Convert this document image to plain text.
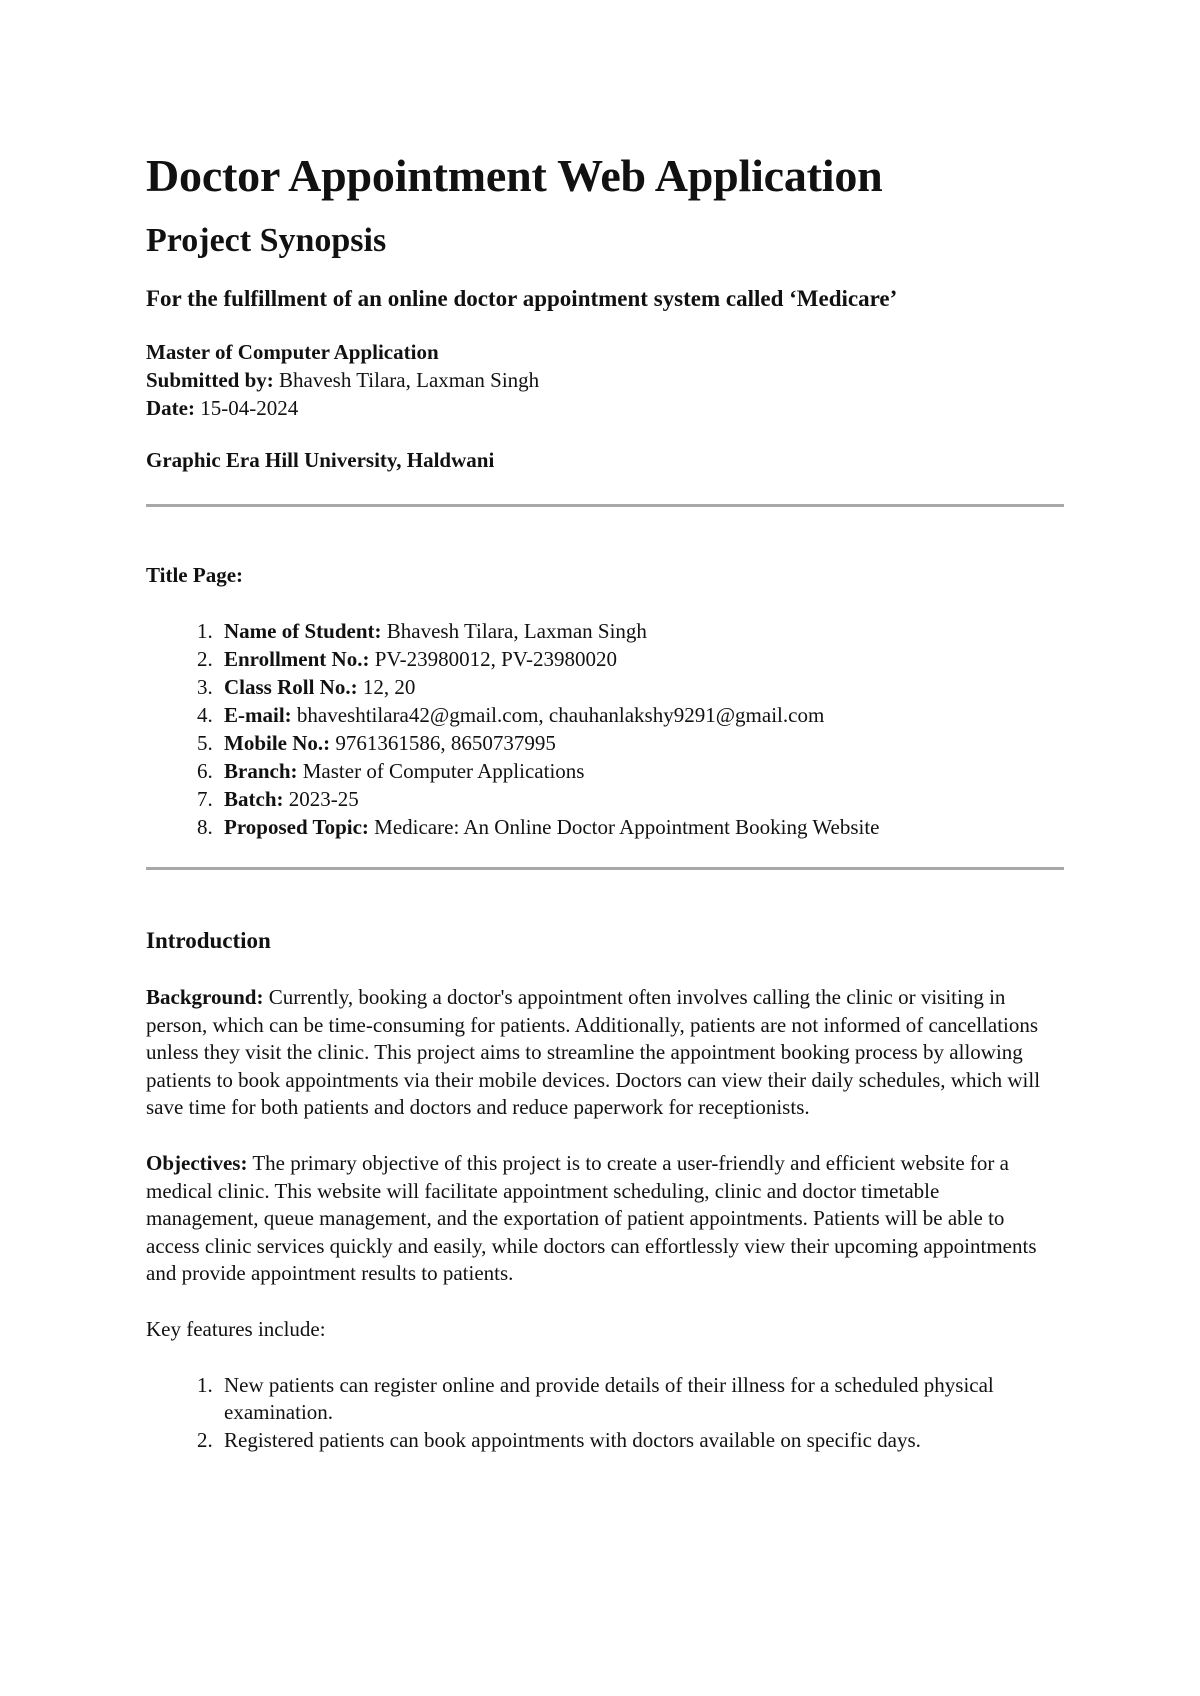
Doctor Appointment Web Application
Project Synopsis
For the fulfillment of an online doctor appointment system called ‘Medicare’
Master of Computer Application
Submitted by: Bhavesh Tilara, Laxman Singh
Date: 15-04-2024
Graphic Era Hill University, Haldwani
Title Page:
1. Name of Student: Bhavesh Tilara, Laxman Singh
2. Enrollment No.: PV-23980012, PV-23980020
3. Class Roll No.: 12, 20
4. E-mail: bhaveshtilara42@gmail.com, chauhanlakshy9291@gmail.com
5. Mobile No.: 9761361586, 8650737995
6. Branch: Master of Computer Applications
7. Batch: 2023-25
8. Proposed Topic: Medicare: An Online Doctor Appointment Booking Website
Introduction

Background: Currently, booking a doctor's appointment often involves calling the clinic or visiting in person, which can be time-consuming for patients. Additionally, patients are not informed of cancellations unless they visit the clinic. This project aims to streamline the appointment booking process by allowing patients to book appointments via their mobile devices. Doctors can view their daily schedules, which will save time for both patients and doctors and reduce paperwork for receptionists.

Objectives: The primary objective of this project is to create a user-friendly and efficient website for a medical clinic. This website will facilitate appointment scheduling, clinic and doctor timetable management, queue management, and the exportation of patient appointments. Patients will be able to access clinic services quickly and easily, while doctors can effortlessly view their upcoming appointments and provide appointment results to patients.

Key features include:

1. New patients can register online and provide details of their illness for a scheduled physical examination.
2. Registered patients can book appointments with doctors available on specific days.
